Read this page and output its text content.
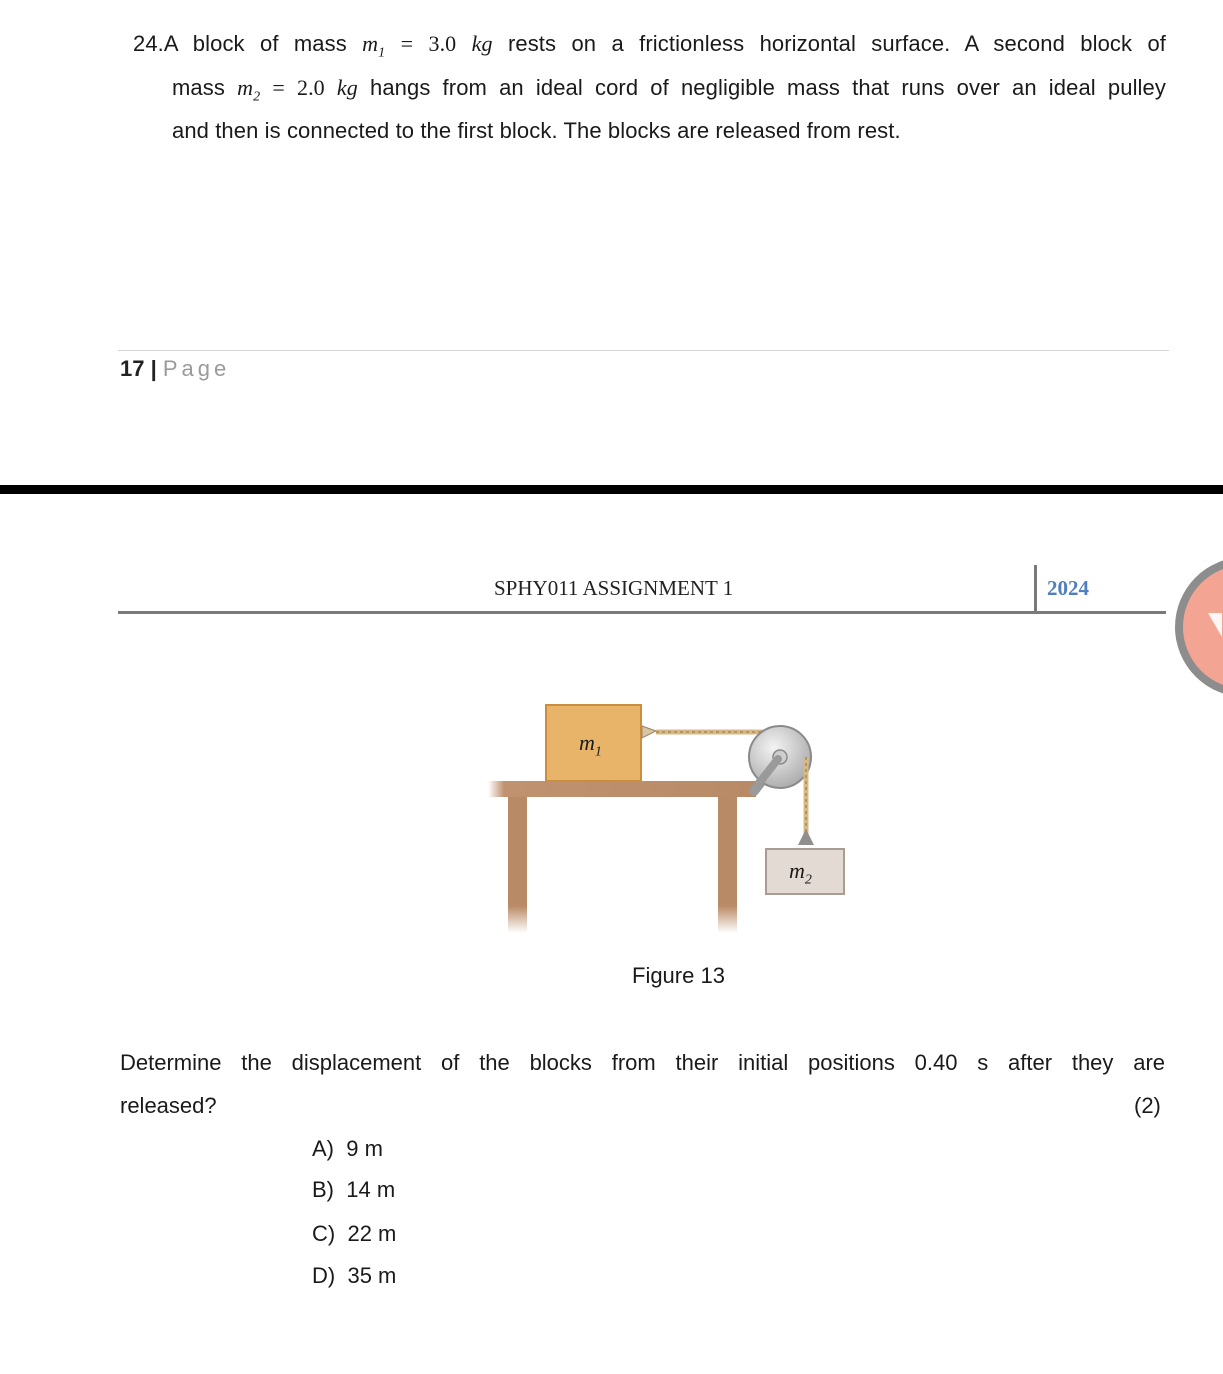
24.A block of mass $m_1 = 3.0$ kg rests on a frictionless horizontal surface. A second block of
mass $m_2 = 2.0$ kg hangs from an ideal cord of negligible mass that runs over an ideal pulley
and then is connected to the first block. The blocks are released from rest.
17 | Page
SPHY011 ASSIGNMENT 1	2024
$m_1$
$m_2$
Figure 13
Determine the displacement of the blocks from their initial positions 0.40 s after they are
released?	(2)
A) 9 m
B) 14 m
C) 22 m
D) 35 m
